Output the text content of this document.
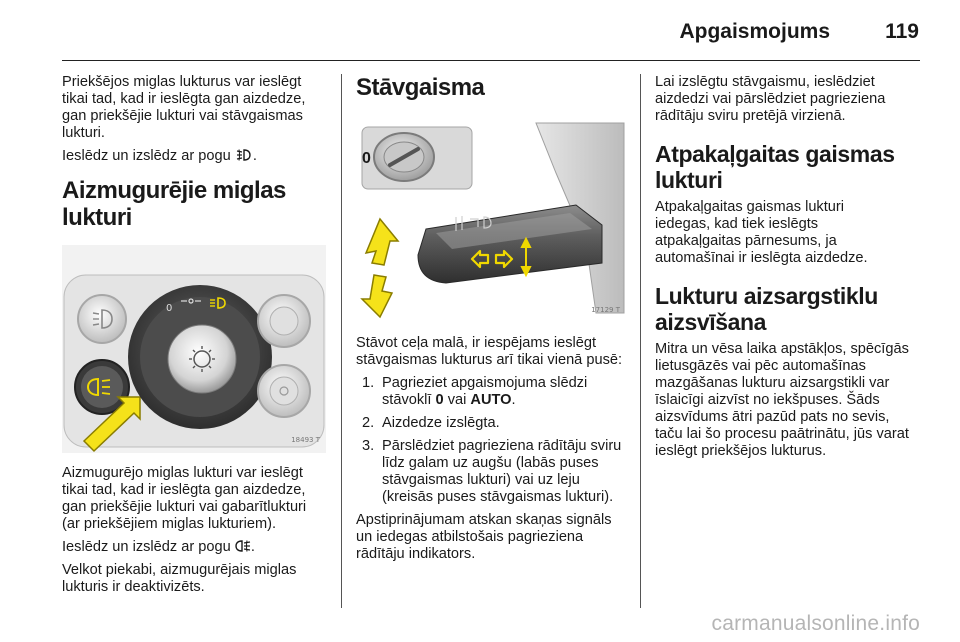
Apgaismojums	119

Priekšējos miglas lukturus var ieslēgt tikai tad, kad ir ieslēgta gan aizdedze, gan priekšējie lukturi vai stāvgaismas lukturi.

Ieslēdz un izslēdz ar pogu .

Aizmugurējie miglas lukturi
0
18493 T

Aizmugurējo miglas lukturi var ieslēgt tikai tad, kad ir ieslēgta gan aizdedze, gan priekšējie lukturi vai gabarītlukturi (ar priekšējiem miglas lukturiem).

Ieslēdz un izslēdz ar pogu .

Velkot piekabi, aizmugurējais miglas lukturis ir deaktivizēts.

Stāvgaisma
0
17129 T

Stāvot ceļa malā, ir iespējams ieslēgt stāvgaismas lukturus arī tikai vienā pusē:

1. Pagrieziet apgaismojuma slēdzi stāvoklī 0 vai AUTO.
2. Aizdedze izslēgta.
3. Pārslēdziet pagrieziena rādītāju sviru līdz galam uz augšu (labās puses stāvgaismas lukturi) vai uz leju (kreisās puses stāvgaismas lukturi).

Apstiprinājumam atskan skaņas signāls un iedegas atbilstošais pagrieziena rādītāju indikators.

Lai izslēgtu stāvgaismu, ieslēdziet aizdedzi vai pārslēdziet pagrieziena rādītāju sviru pretējā virzienā.

Atpakaļgaitas gaismas lukturi

Atpakaļgaitas gaismas lukturi iedegas, kad tiek ieslēgts atpakaļgaitas pārnesums, ja automašīnai ir ieslēgta aizdedze.

Lukturu aizsargstiklu aizsvīšana

Mitra un vēsa laika apstākļos, spēcīgās lietusgāzēs vai pēc automašīnas mazgāšanas lukturu aizsargstikli var īslaicīgi aizvīst no iekšpuses. Šāds aizsvīdums ātri pazūd pats no sevis, taču lai šo procesu paātrinātu, jūs varat ieslēgt priekšējos lukturus.

carmanualsonline.info
